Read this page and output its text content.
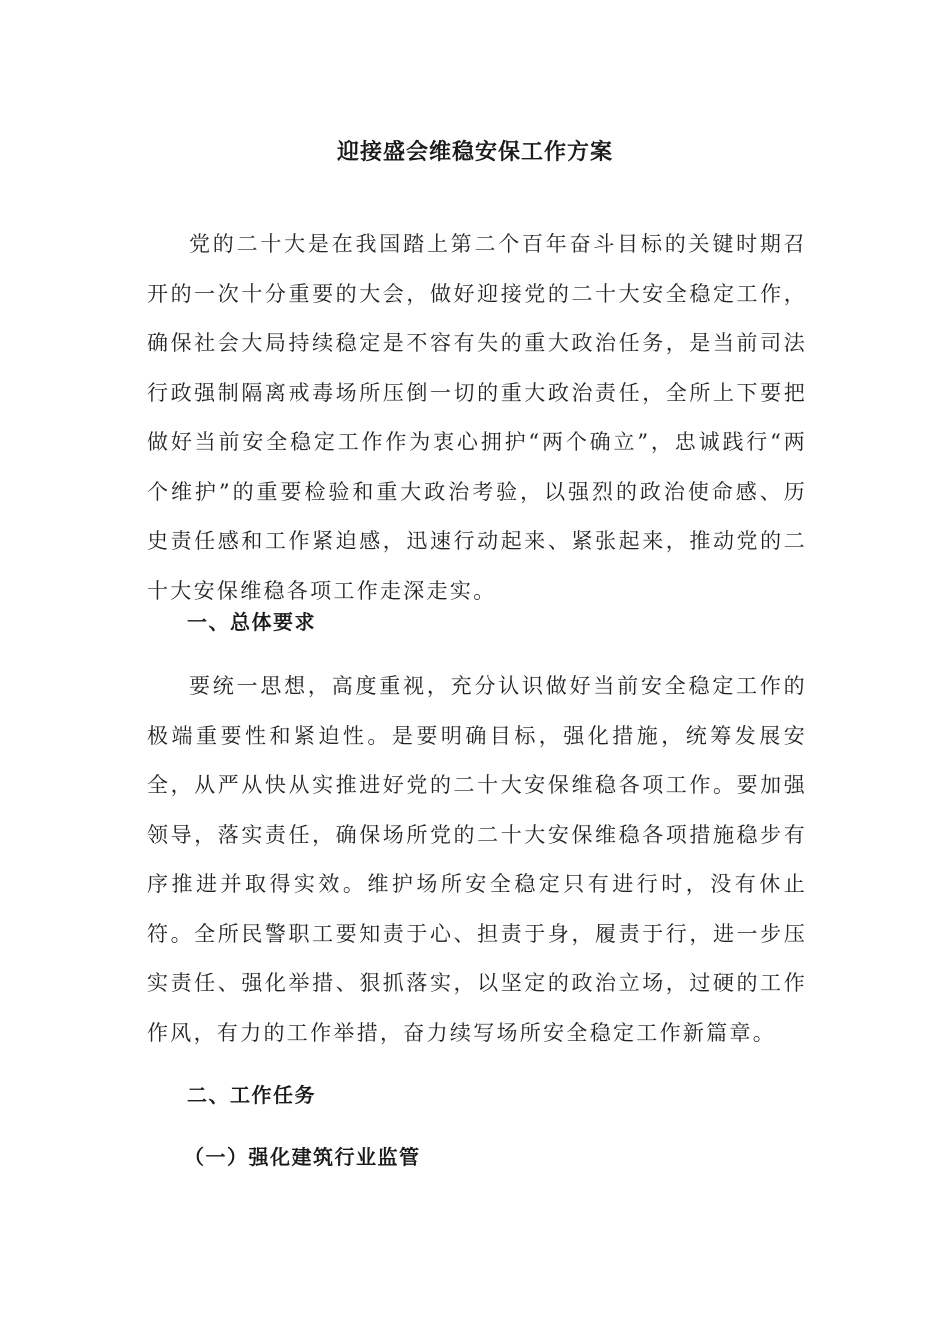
迎接盛会维稳安保工作方案

党的二十大是在我国踏上第二个百年奋斗目标的关键时期召开的一次十分重要的大会，做好迎接党的二十大安全稳定工作，确保社会大局持续稳定是不容有失的重大政治任务，是当前司法行政强制隔离戒毒场所压倒一切的重大政治责任，全所上下要把做好当前安全稳定工作作为衷心拥护“两个确立”，忠诚践行“两个维护”的重要检验和重大政治考验，以强烈的政治使命感、历史责任感和工作紧迫感，迅速行动起来、紧张起来，推动党的二十大安保维稳各项工作走深走实。

一、总体要求

要统一思想，高度重视，充分认识做好当前安全稳定工作的极端重要性和紧迫性。是要明确目标，强化措施，统筹发展安全，从严从快从实推进好党的二十大安保维稳各项工作。要加强领导，落实责任，确保场所党的二十大安保维稳各项措施稳步有序推进并取得实效。维护场所安全稳定只有进行时，没有休止符。全所民警职工要知责于心、担责于身，履责于行，进一步压实责任、强化举措、狠抓落实，以坚定的政治立场，过硬的工作作风，有力的工作举措，奋力续写场所安全稳定工作新篇章。

二、工作任务
（一）强化建筑行业监管
